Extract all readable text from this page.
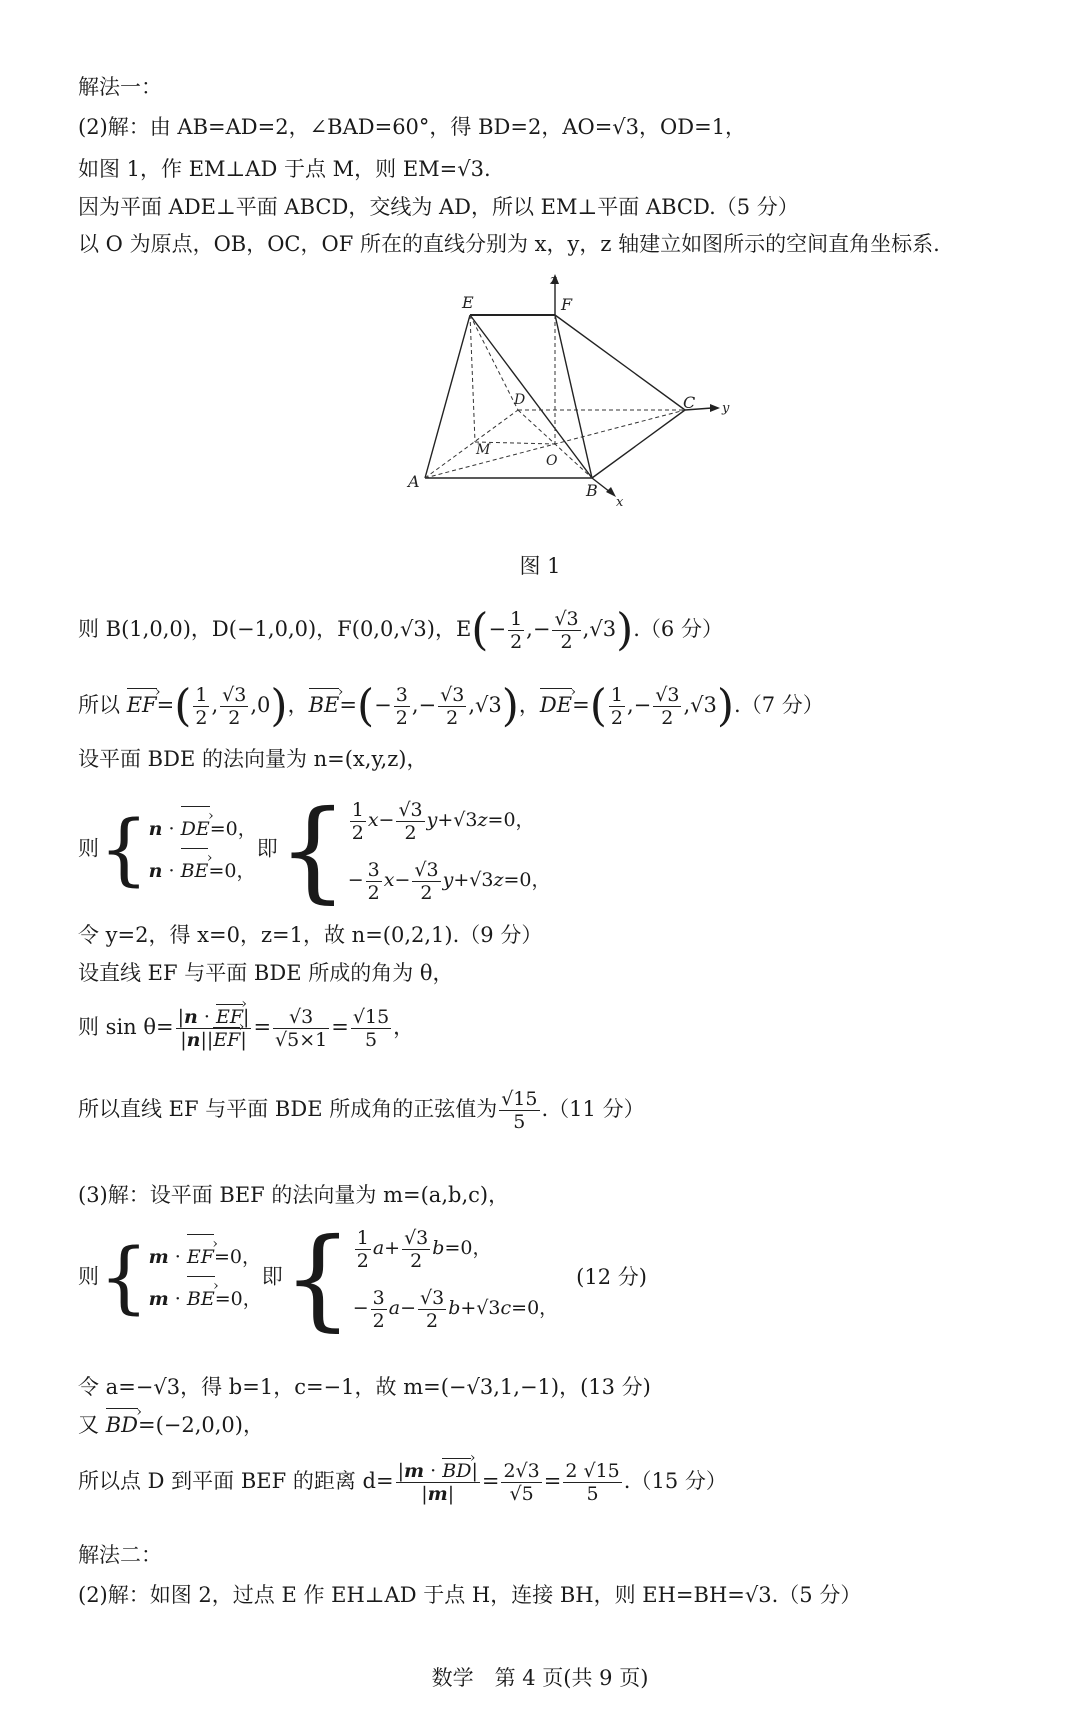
解法一：
(2)解：由 AB=AD=2，∠BAD=60°，得 BD=2，AO=√3，OD=1，
如图 1，作 EM⊥AD 于点 M，则 EM=√3.
因为平面 ADE⊥平面 ABCD，交线为 AD，所以 EM⊥平面 ABCD.（5 分）
以 O 为原点，OB，OC，OF 所在的直线分别为 x，y，z 轴建立如图所示的空间直角坐标系.
E	F
z
D	C y
M
O
A	B
x
图 1
则 B(1,0,0)，D(−1,0,0)，F(0,0,√3)，$E(- \frac{1}{2}$ ,− $\frac{√3}{2} ,√3).(6$ 分）
所以 EF ›=( $\frac{1}{2}$ , $\frac{√3}{2} ,0$)，BE ›=(− $\frac{3}{2}$ ,− $\frac{√3}{2} ,√3$)，DE ›=( $\frac{1}{2}$ ,− $\frac{√3}{2} ,√3).(7$ 分）
设平面 BDE 的法向量为 n=(x,y,z)，
则{ n · DE ›=0，
n · BE ›=0，
即{ $\frac{1}{2} x- \frac{√3}{2} y+√3z=0$，
− $\frac{3}{2} x- \frac{√3}{2} y+√3z=0$，
令 y=2，得 x=0，z=1，故 n=(0,2,1).（9 分）
设直线 EF 与平面 BDE 所成的角为 θ，
则 $\sin \theta= \frac{|n \cdot EF ›|}{|n||EF ›|} = \frac{√3}{√5\times 1} = \frac{√15}{5}$ ，
所以直线 EF 与平面 BDE 所成角的正弦值为 $\frac{√15}{5} .(11$ 分）
(3)解：设平面 BEF 的法向量为 m=(a,b,c)，
则{ m · EF ›=0，
m · BE ›=0，
即{ $\frac{1}{2} a+ \frac{√3}{2} b=0$，
− $\frac{3}{2} a- \frac{√3}{2} b+√3c=0$，
(12 分)
令 a=−√3，得 b=1，c=−1，故 m=(−√3,1,−1)，(13 分)
又 BD ›=(−2,0,0)，
所以点 D 到平面 BEF 的距离 $d= \frac{|m \cdot BD ›|}{|m|} = \frac{2√3}{√5} = \frac{2 √15}{5} .(15$ 分）
解法二：
(2)解：如图 2，过点 E 作 EH⊥AD 于点 H，连接 BH，则 EH=BH=√3.（5 分）
数学　第 4 页(共 9 页)
